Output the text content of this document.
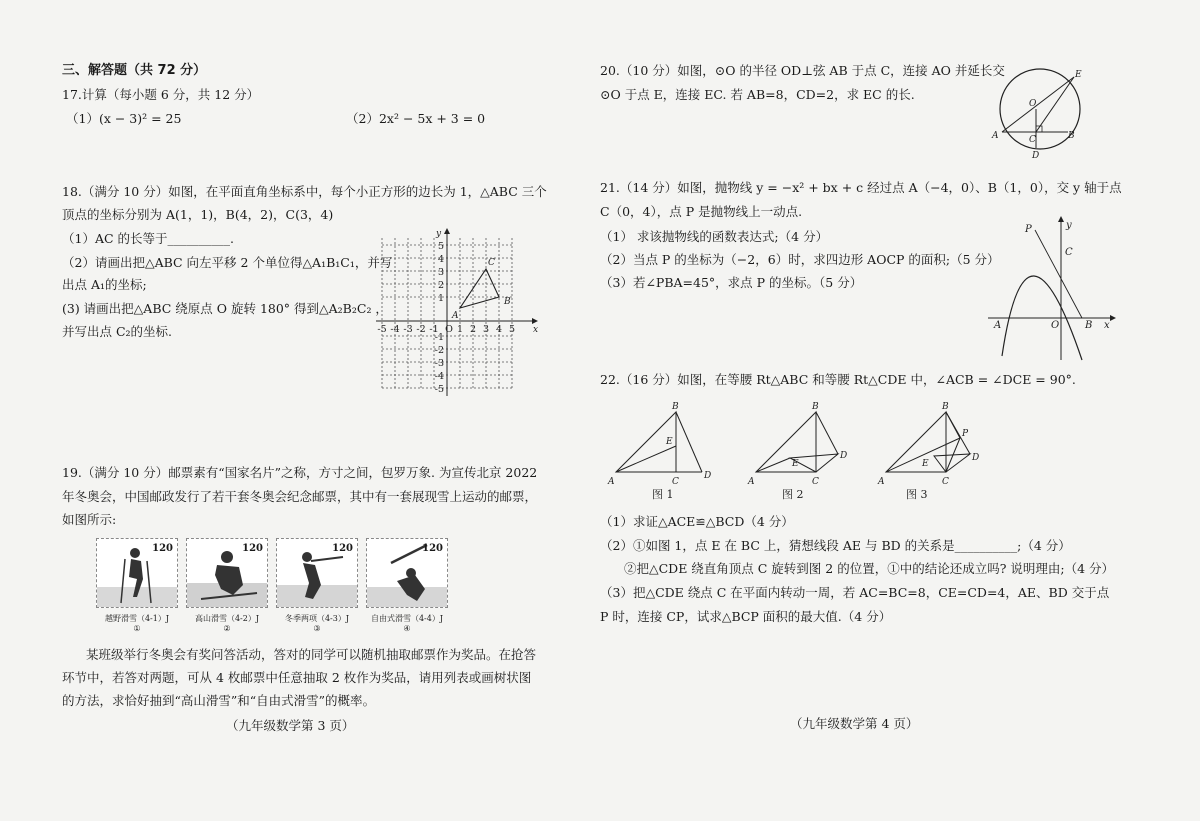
三、解答题（共 72 分）
17.计算（每小题 6 分，共 12 分）
（1）(x − 3)² = 25	（2）2x² − 5x + 3 = 0
18.（满分 10 分）如图，在平面直角坐标系中，每个小正方形的边长为 1，△ABC 三个
顶点的坐标分别为 A(1，1)，B(4，2)，C(3，4)
（1）AC 的长等于__________.
（2）请画出把△ABC 向左平移 2 个单位得△A₁B₁C₁，并写
出点 A₁的坐标;
(3) 请画出把△ABC 绕原点 O 旋转 180° 得到△A₂B₂C₂ ，
并写出点 C₂的坐标.
A
B
C
x
y
O
-5 -4 -3 -2 -1 1 2 3 4 5
5
4
3
2
1
-1
-2
-3
-4
-5
19.（满分 10 分）邮票素有“国家名片”之称，方寸之间，包罗万象. 为宣传北京 2022
年冬奥会，中国邮政发行了若干套冬奥会纪念邮票，其中有一套展现雪上运动的邮票，
如图所示:
120	120	120	120
越野滑雪（4-1）J
①
高山滑雪（4-2）J
②
冬季两项（4-3）J
③
自由式滑雪（4-4）J
④
某班级举行冬奥会有奖问答活动，答对的同学可以随机抽取邮票作为奖品。在抢答
环节中，若答对两题，可从 4 枚邮票中任意抽取 2 枚作为奖品，请用列表或画树状图
的方法，求恰好抽到“高山滑雪”和“自由式滑雪”的概率。
（九年级数学第 3 页）
20.（10 分）如图，⊙O 的半径 OD⊥弦 AB 于点 C，连接 AO 并延长交
⊙O 于点 E，连接 EC. 若 AB=8，CD=2，求 EC 的长.
E
O
A	C	B
D
21.（14 分）如图，抛物线 y = −x² + bx + c 经过点 A（−4，0）、B（1，0），交 y 轴于点
C（0，4），点 P 是抛物线上一动点.
（1） 求该抛物线的函数表达式;（4 分）
（2）当点 P 的坐标为（−2，6）时，求四边形 AOCP 的面积;（5 分）
（3）若∠PBA=45°，求点 P 的坐标。（5 分）
P	y
C
A	O	B x
22.（16 分）如图，在等腰 Rt△ABC 和等腰 Rt△CDE 中，∠ACB = ∠DCE = 90°.
B
E
A	C
D
B
E
A	C
D
B
P
E
A	C
D
图 1	图 2	图 3
（1）求证△ACE≌△BCD（4 分）
（2）①如图 1，点 E 在 BC 上，猜想线段 AE 与 BD 的关系是__________;（4 分）
②把△CDE 绕直角顶点 C 旋转到图 2 的位置，①中的结论还成立吗? 说明理由;（4 分）
（3）把△CDE 绕点 C 在平面内转动一周，若 AC=BC=8，CE=CD=4，AE、BD 交于点
P 时，连接 CP，试求△BCP 面积的最大值.（4 分）
（九年级数学第 4 页）
